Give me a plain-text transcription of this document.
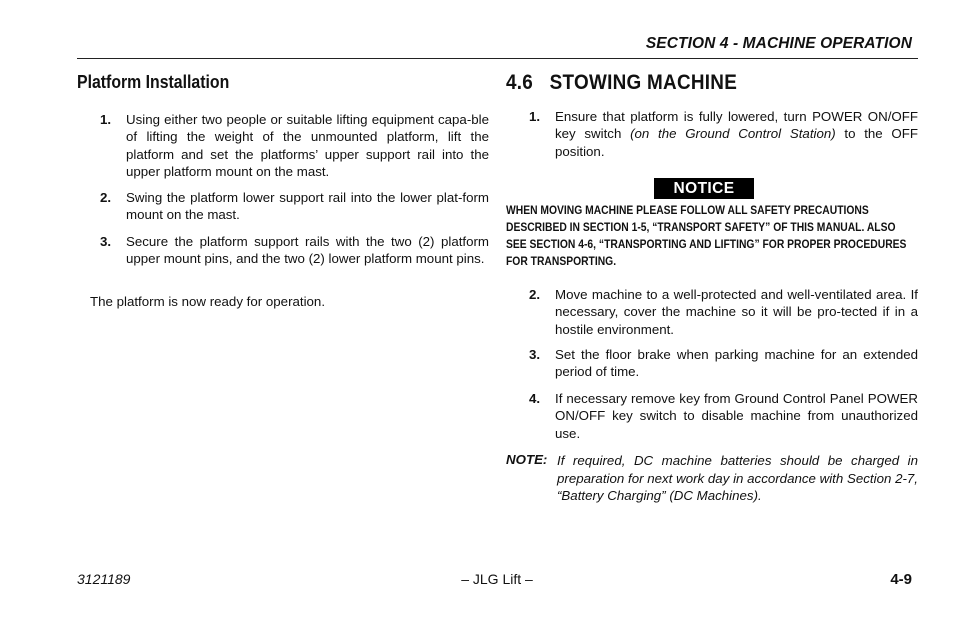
SECTION 4 - MACHINE OPERATION
Platform Installation
1. Using either two people or suitable lifting equipment capa-ble of lifting the weight of the unmounted platform, lift the platform and set the platforms’ upper support rail into the upper platform mount on the mast.
2. Swing the platform lower support rail into the lower plat-form mount on the mast.
3. Secure the platform support rails with the two (2) platform upper mount pins, and the two (2) lower platform mount pins.
The platform is now ready for operation.
4.6   STOWING MACHINE
1. Ensure that platform is fully lowered, turn POWER ON/OFF key switch (on the Ground Control Station) to the OFF position.
NOTICE
WHEN MOVING MACHINE PLEASE FOLLOW ALL SAFETY PRECAUTIONS DESCRIBED IN SECTION 1-5, “TRANSPORT SAFETY” OF THIS MANUAL. ALSO SEE SECTION 4-6, “TRANSPORTING AND LIFTING” FOR PROPER PROCEDURES FOR TRANSPORTING.
2. Move machine to a well-protected and well-ventilated area. If necessary, cover the machine so it will be pro-tected if in a hostile environment.
3. Set the floor brake when parking machine for an extended period of time.
4. If necessary remove key from Ground Control Panel POWER ON/OFF key switch to disable machine from unauthorized use.
NOTE: If required, DC machine batteries should be charged in preparation for next work day in accordance with Section 2-7, “Battery Charging” (DC Machines).
3121189	– JLG Lift –	4-9
